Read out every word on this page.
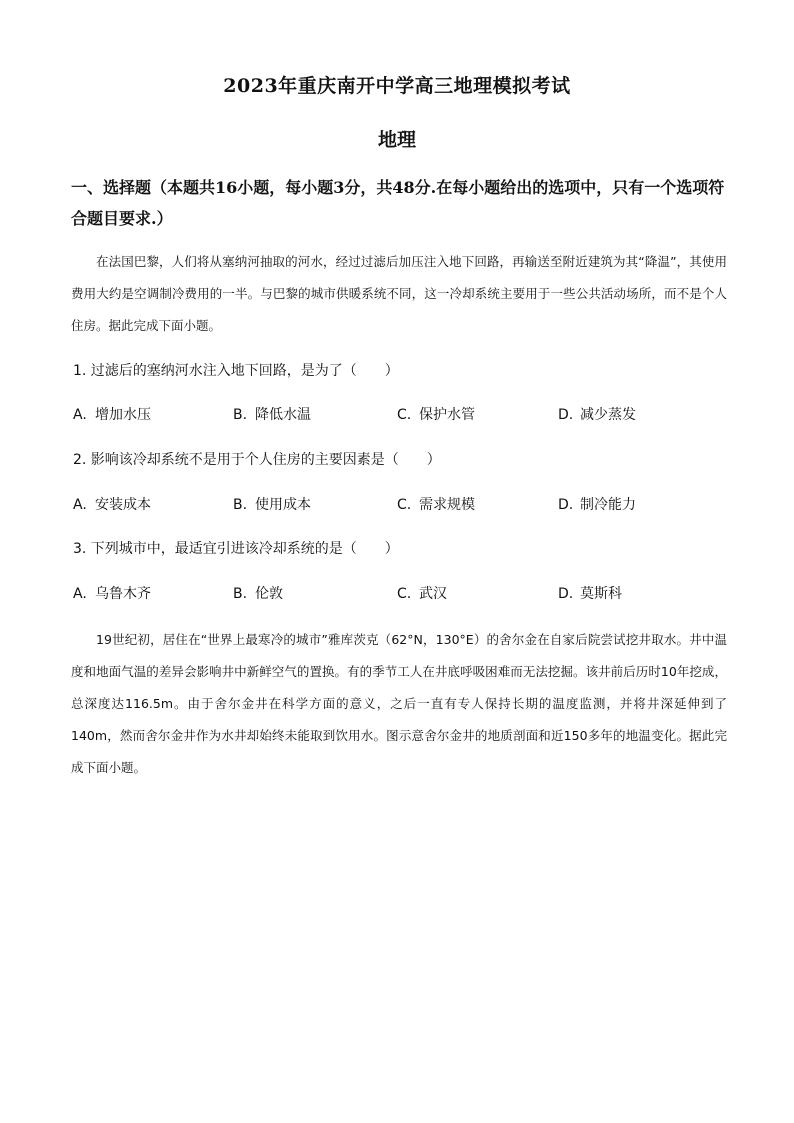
2023年重庆南开中学高三地理模拟考试
地理
一、选择题（本题共16小题，每小题3分，共48分.在每小题给出的选项中，只有一个选项符合题目要求.）

在法国巴黎，人们将从塞纳河抽取的河水，经过过滤后加压注入地下回路，再输送至附近建筑为其“降温”，其使用费用大约是空调制冷费用的一半。与巴黎的城市供暖系统不同，这一冷却系统主要用于一些公共活动场所，而不是个人住房。据此完成下面小题。

1. 过滤后的塞纳河水注入地下回路，是为了（　　）
A. 增加水压	B. 降低水温	C. 保护水管	D. 减少蒸发
2. 影响该冷却系统不是用于个人住房的主要因素是（　　）
A. 安装成本	B. 使用成本	C. 需求规模	D. 制冷能力
3. 下列城市中，最适宜引进该冷却系统的是（　　）
A. 乌鲁木齐	B. 伦敦	C. 武汉	D. 莫斯科

19世纪初，居住在“世界上最寒冷的城市”雅库茨克（62°N，130°E）的舍尔金在自家后院尝试挖井取水。井中温度和地面气温的差异会影响井中新鲜空气的置换。有的季节工人在井底呼吸困难而无法挖掘。该井前后历时10年挖成，总深度达116.5m。由于舍尔金井在科学方面的意义，之后一直有专人保持长期的温度监测，并将井深延伸到了140m，然而舍尔金井作为水井却始终未能取到饮用水。图示意舍尔金井的地质剖面和近150多年的地温变化。据此完成下面小题。
